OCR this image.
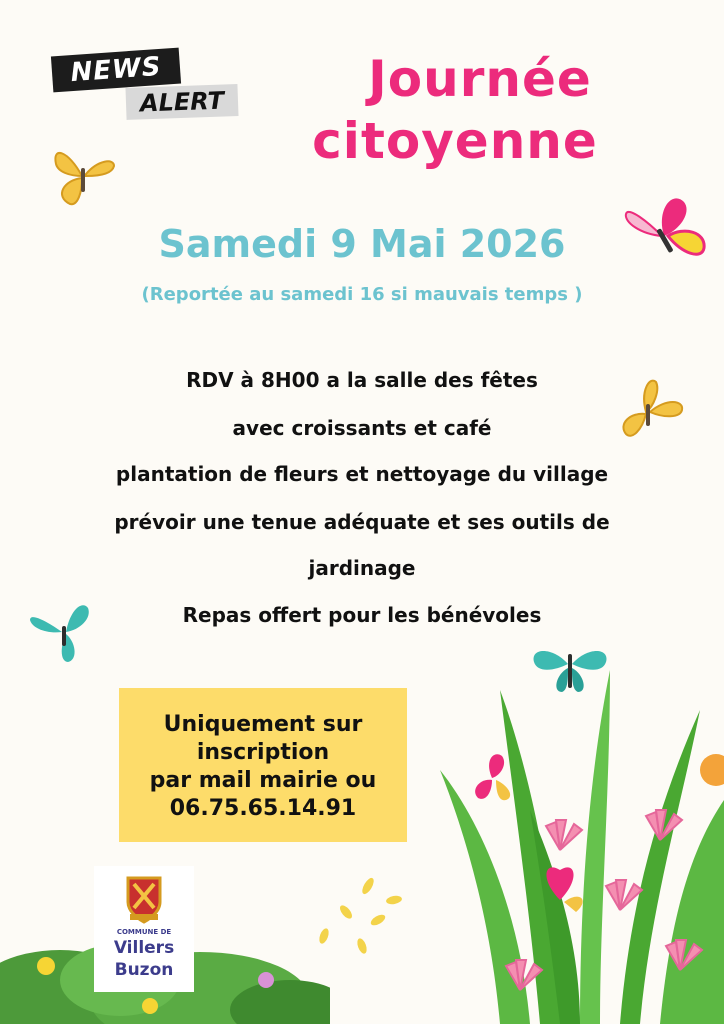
NEWS
ALERT	Journée
citoyenne
Samedi 9 Mai 2026
(Reportée au samedi 16 si mauvais temps )
RDV à 8H00 a la salle des fêtes
avec croissants et café
plantation de fleurs et nettoyage du village
prévoir une tenue adéquate et ses outils de
jardinage
Repas offert pour les bénévoles
Uniquement sur
inscription
par mail mairie ou
06.75.65.14.91
COMMUNE DE
Villers
Buzon
